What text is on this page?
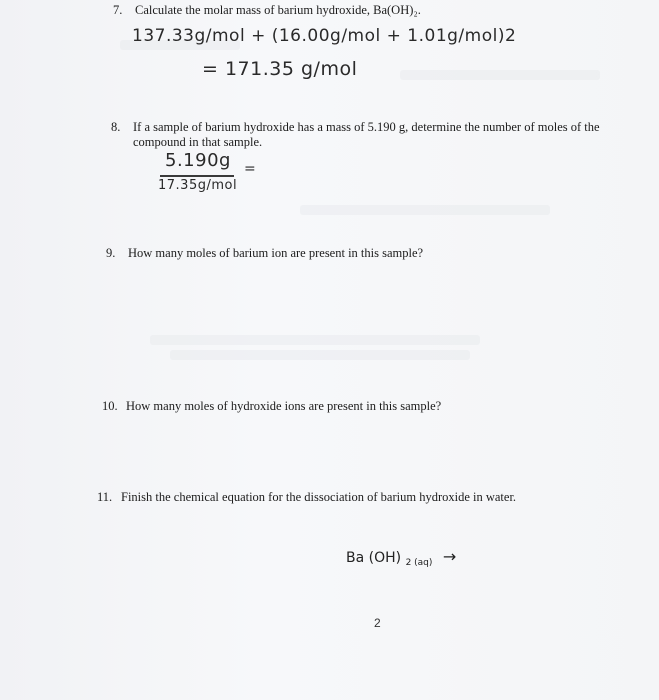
7. Calculate the molar mass of barium hydroxide, Ba(OH)₂.
137.33g/mol + (16.00g/mol + 1.01g/mol)2
= 171.35 g/mol
8. If a sample of barium hydroxide has a mass of 5.190 g, determine the number of moles of the
compound in that sample.
5.190g =
17.35g/mol
9. How many moles of barium ion are present in this sample?
10. How many moles of hydroxide ions are present in this sample?
11. Finish the chemical equation for the dissociation of barium hydroxide in water.
Ba (OH) $_{2 (aq)}$ →
2
